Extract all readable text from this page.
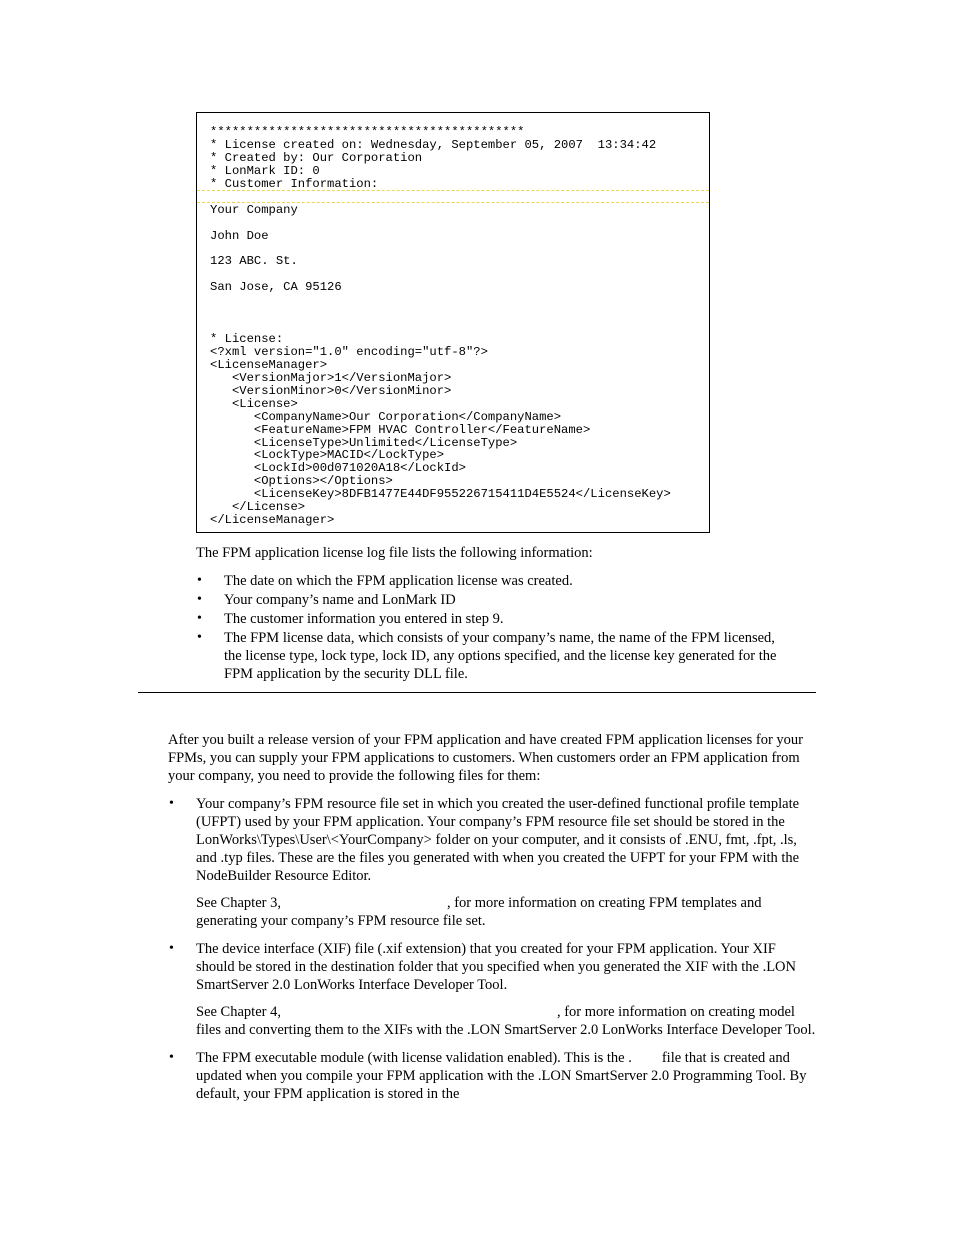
*******************************************
* License created on: Wednesday, September 05, 2007  13:34:42
* Created by: Our Corporation
* LonMark ID: 0
* Customer Information:
Your Company
John Doe
123 ABC. St.
San Jose, CA 95126
* License:
<?xml version="1.0" encoding="utf-8"?>
<LicenseManager>
<VersionMajor>1</VersionMajor>
<VersionMinor>0</VersionMinor>
<License>
<CompanyName>Our Corporation</CompanyName>
<FeatureName>FPM HVAC Controller</FeatureName>
<LicenseType>Unlimited</LicenseType>
<LockType>MACID</LockType>
<LockId>00d071020A18</LockId>
<Options></Options>
<LicenseKey>8DFB1477E44DF955226715411D4E5524</LicenseKey>
</License>
</LicenseManager>

The FPM application license log file lists the following information:

• The date on which the FPM application license was created.
• Your company’s name and LonMark ID
• The customer information you entered in step 9.
• The FPM license data, which consists of your company’s name, the name of the FPM licensed, the license type, lock type, lock ID, any options specified, and the license key generated for the FPM application by the security DLL file.

After you built a release version of your FPM application and have created FPM application licenses for your FPMs, you can supply your FPM applications to customers. When customers order an FPM application from your company, you need to provide the following files for them:

• Your company’s FPM resource file set in which you created the user-defined functional profile template (UFPT) used by your FPM application. Your company’s FPM resource file set should be stored in the LonWorks\Types\User\<YourCompany> folder on your computer, and it consists of .ENU, fmt, .fpt, .ls, and .typ files. These are the files you generated with when you created the UFPT for your FPM with the NodeBuilder Resource Editor.
See Chapter 3,	, for more information on creating FPM templates and generating your company’s FPM resource file set.
• The device interface (XIF) file (.xif extension) that you created for your FPM application. Your XIF should be stored in the destination folder that you specified when you generated the XIF with the .LON SmartServer 2.0 LonWorks Interface Developer Tool.
See Chapter 4,	, for more information on creating model files and converting them to the XIFs with the .LON SmartServer 2.0 LonWorks Interface Developer Tool.
• The FPM executable module (with license validation enabled). This is the . file that is created and updated when you compile your FPM application with the .LON SmartServer 2.0 Programming Tool. By default, your FPM application is stored in the
